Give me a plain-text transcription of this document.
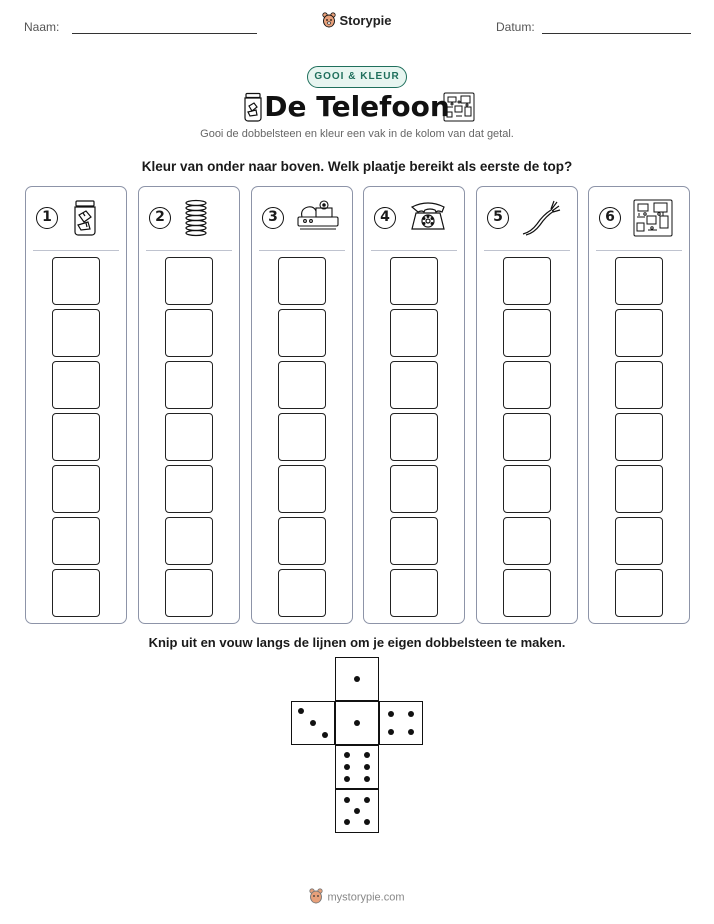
Naam:	Storypie	Datum:
GOOI & KLEUR
De Telefoon
Gooi de dobbelsteen en kleur een vak in de kolom van dat getal.
Kleur van onder naar boven. Welk plaatje bereikt als eerste de top?
1	2	3	4	5	6
Knip uit en vouw langs de lijnen om je eigen dobbelsteen te maken.
mystorypie.com
